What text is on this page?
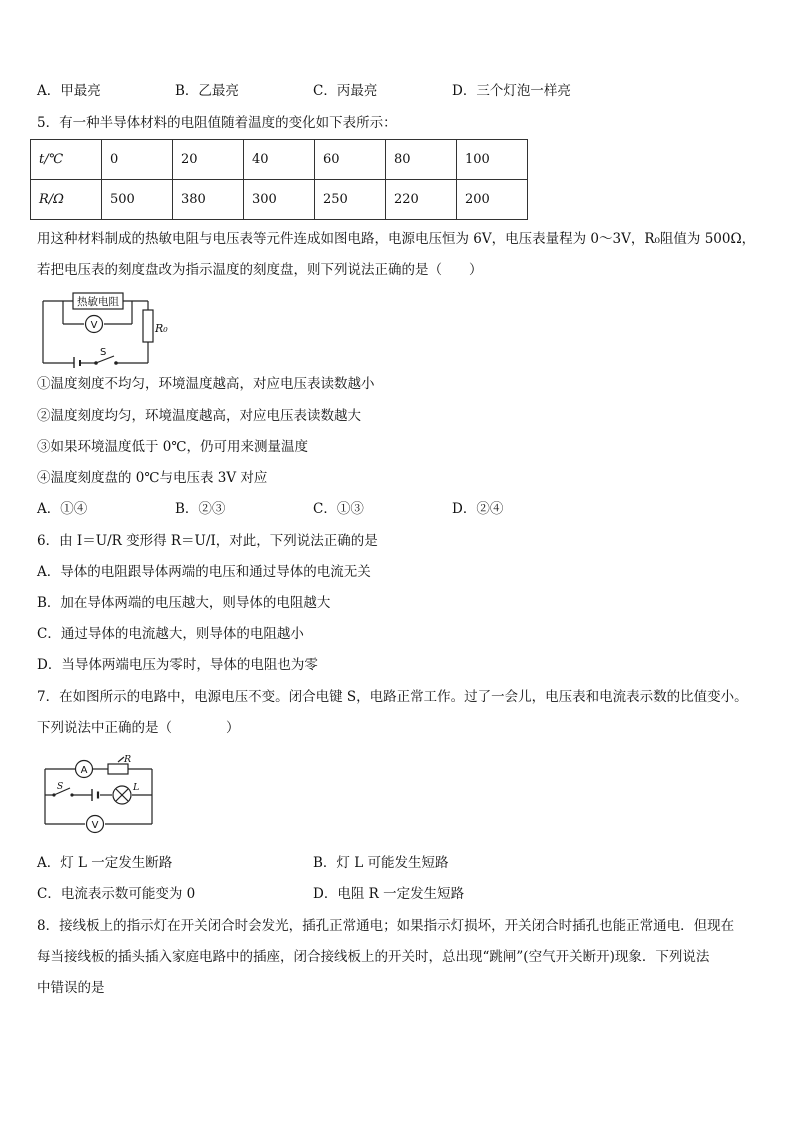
A．甲最亮	B．乙最亮	C．丙最亮	D．三个灯泡一样亮
5．有一种半导体材料的电阻值随着温度的变化如下表所示：
t/℃	0	20	40	60	80	100
R/Ω	500	380	300	250	220	200
用这种材料制成的热敏电阻与电压表等元件连成如图电路，电源电压恒为 6V，电压表量程为 0～3V，R₀阻值为 500Ω，
若把电压表的刻度盘改为指示温度的刻度盘，则下列说法正确的是（　　）
热敏电阻
V	R₀
S
①温度刻度不均匀，环境温度越高，对应电压表读数越小
②温度刻度均匀，环境温度越高，对应电压表读数越大
③如果环境温度低于 0℃，仍可用来测量温度
④温度刻度盘的 0℃与电压表 3V 对应
A．①④	B．②③	C．①③	D．②④
6．由 I＝U/R 变形得 R＝U/I，对此，下列说法正确的是
A．导体的电阻跟导体两端的电压和通过导体的电流无关
B．加在导体两端的电压越大，则导体的电阻越大
C．通过导体的电流越大，则导体的电阻越小
D．当导体两端电压为零时，导体的电阻也为零
7．在如图所示的电路中，电源电压不变。闭合电键 S，电路正常工作。过了一会儿，电压表和电流表示数的比值变小。
下列说法中正确的是（　　　　）
A
R
S	L
V
A．灯 L 一定发生断路	B．灯 L 可能发生短路
C．电流表示数可能变为 0	D．电阻 R 一定发生短路
8．接线板上的指示灯在开关闭合时会发光，插孔正常通电；如果指示灯损坏，开关闭合时插孔也能正常通电．但现在
每当接线板的插头插入家庭电路中的插座，闭合接线板上的开关时，总出现“跳闸”(空气开关断开)现象．下列说法
中错误的是
